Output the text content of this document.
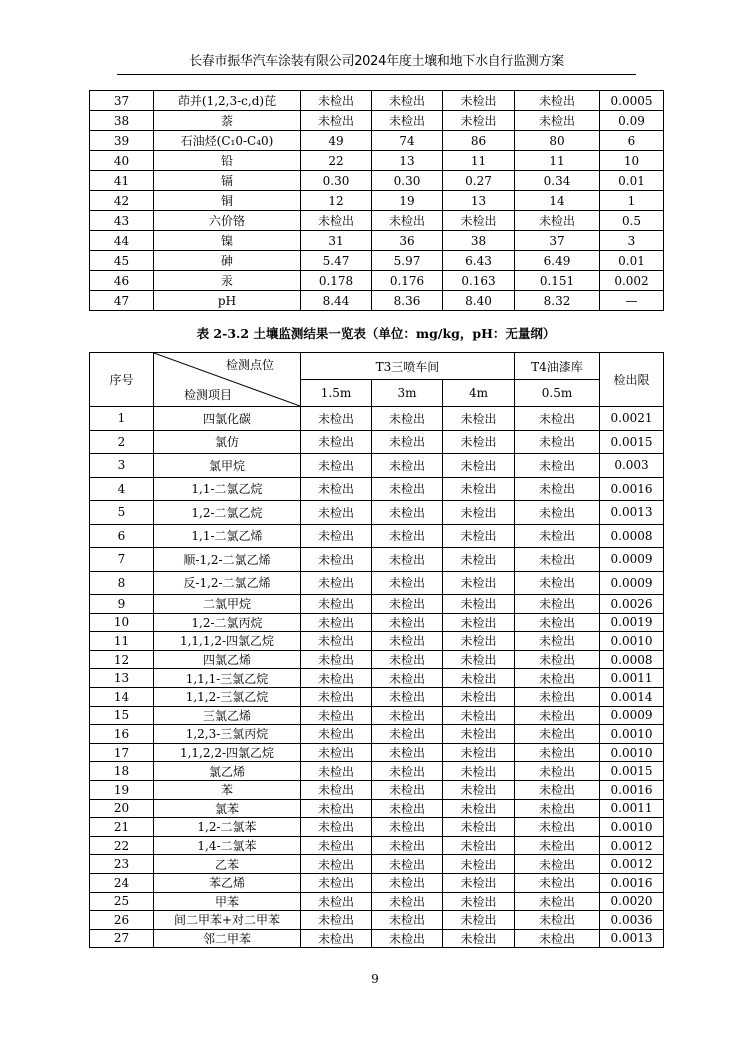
长春市振华汽车涂装有限公司2024年度土壤和地下水自行监测方案
37	茚并(1,2,3-c,d)芘	未检出	未检出	未检出	未检出	0.0005
38	萘	未检出	未检出	未检出	未检出	0.09
39	石油烃(C₁0-C₄0)	49	74	86	80	6
40	铅	22	13	11	11	10
41	镉	0.30	0.30	0.27	0.34	0.01
42	铜	12	19	13	14	1
43	六价铬	未检出	未检出	未检出	未检出	0.5
44	镍	31	36	38	37	3
45	砷	5.47	5.97	6.43	6.49	0.01
46	汞	0.178	0.176	0.163	0.151	0.002
47	pH	8.44	8.36	8.40	8.32	—
表 2-3.2 土壤监测结果一览表（单位：mg/kg，pH：无量纲）
序号	检测点位
检测项目	T3三喷车间			T4油漆库	检出限
		1.5m	3m	4m	0.5m	
1	四氯化碳	未检出	未检出	未检出	未检出	0.0021
2	氯仿	未检出	未检出	未检出	未检出	0.0015
3	氯甲烷	未检出	未检出	未检出	未检出	0.003
4	1,1-二氯乙烷	未检出	未检出	未检出	未检出	0.0016
5	1,2-二氯乙烷	未检出	未检出	未检出	未检出	0.0013
6	1,1-二氯乙烯	未检出	未检出	未检出	未检出	0.0008
7	顺-1,2-二氯乙烯	未检出	未检出	未检出	未检出	0.0009
8	反-1,2-二氯乙烯	未检出	未检出	未检出	未检出	0.0009
9	二氯甲烷	未检出	未检出	未检出	未检出	0.0026
10	1,2-二氯丙烷	未检出	未检出	未检出	未检出	0.0019
11	1,1,1,2-四氯乙烷	未检出	未检出	未检出	未检出	0.0010
12	四氯乙烯	未检出	未检出	未检出	未检出	0.0008
13	1,1,1-三氯乙烷	未检出	未检出	未检出	未检出	0.0011
14	1,1,2-三氯乙烷	未检出	未检出	未检出	未检出	0.0014
15	三氯乙烯	未检出	未检出	未检出	未检出	0.0009
16	1,2,3-三氯丙烷	未检出	未检出	未检出	未检出	0.0010
17	1,1,2,2-四氯乙烷	未检出	未检出	未检出	未检出	0.0010
18	氯乙烯	未检出	未检出	未检出	未检出	0.0015
19	苯	未检出	未检出	未检出	未检出	0.0016
20	氯苯	未检出	未检出	未检出	未检出	0.0011
21	1,2-二氯苯	未检出	未检出	未检出	未检出	0.0010
22	1,4-二氯苯	未检出	未检出	未检出	未检出	0.0012
23	乙苯	未检出	未检出	未检出	未检出	0.0012
24	苯乙烯	未检出	未检出	未检出	未检出	0.0016
25	甲苯	未检出	未检出	未检出	未检出	0.0020
26	间二甲苯+对二甲苯	未检出	未检出	未检出	未检出	0.0036
27	邻二甲苯	未检出	未检出	未检出	未检出	0.0013
9
